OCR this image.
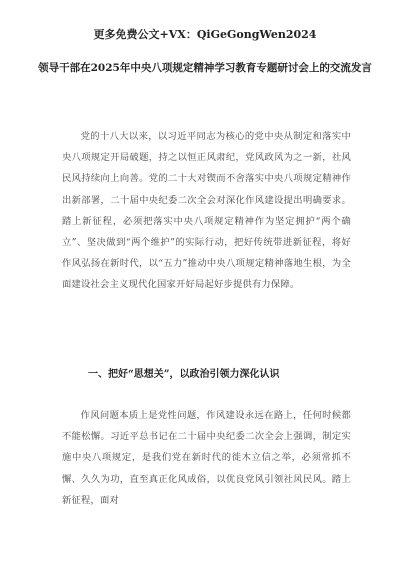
更多免费公文+VX：QiGeGongWen2024
领导干部在2025年中央八项规定精神学习教育专题研讨会上的交流发言

党的十八大以来，以习近平同志为核心的党中央从制定和落实中央八项规定开局破题，持之以恒正风肃纪，党风政风为之一新，社风民风持续向上向善。党的二十大对锲而不舍落实中央八项规定精神作出新部署，二十届中央纪委二次全会对深化作风建设提出明确要求。踏上新征程，必须把落实中央八项规定精神作为坚定拥护“两个确立”、坚决做到“两个维护”的实际行动，把好传统带进新征程，将好作风弘扬在新时代，以“五力”推动中央八项规定精神落地生根，为全面建设社会主义现代化国家开好局起好步提供有力保障。

一、把好“思想关”，以政治引领力深化认识

作风问题本质上是党性问题，作风建设永远在路上，任何时候都不能松懈。习近平总书记在二十届中央纪委二次全会上强调，制定实施中央八项规定，是我们党在新时代的徙木立信之举，必须常抓不懈、久久为功，直至真正化风成俗，以优良党风引领社风民风。踏上新征程，面对
